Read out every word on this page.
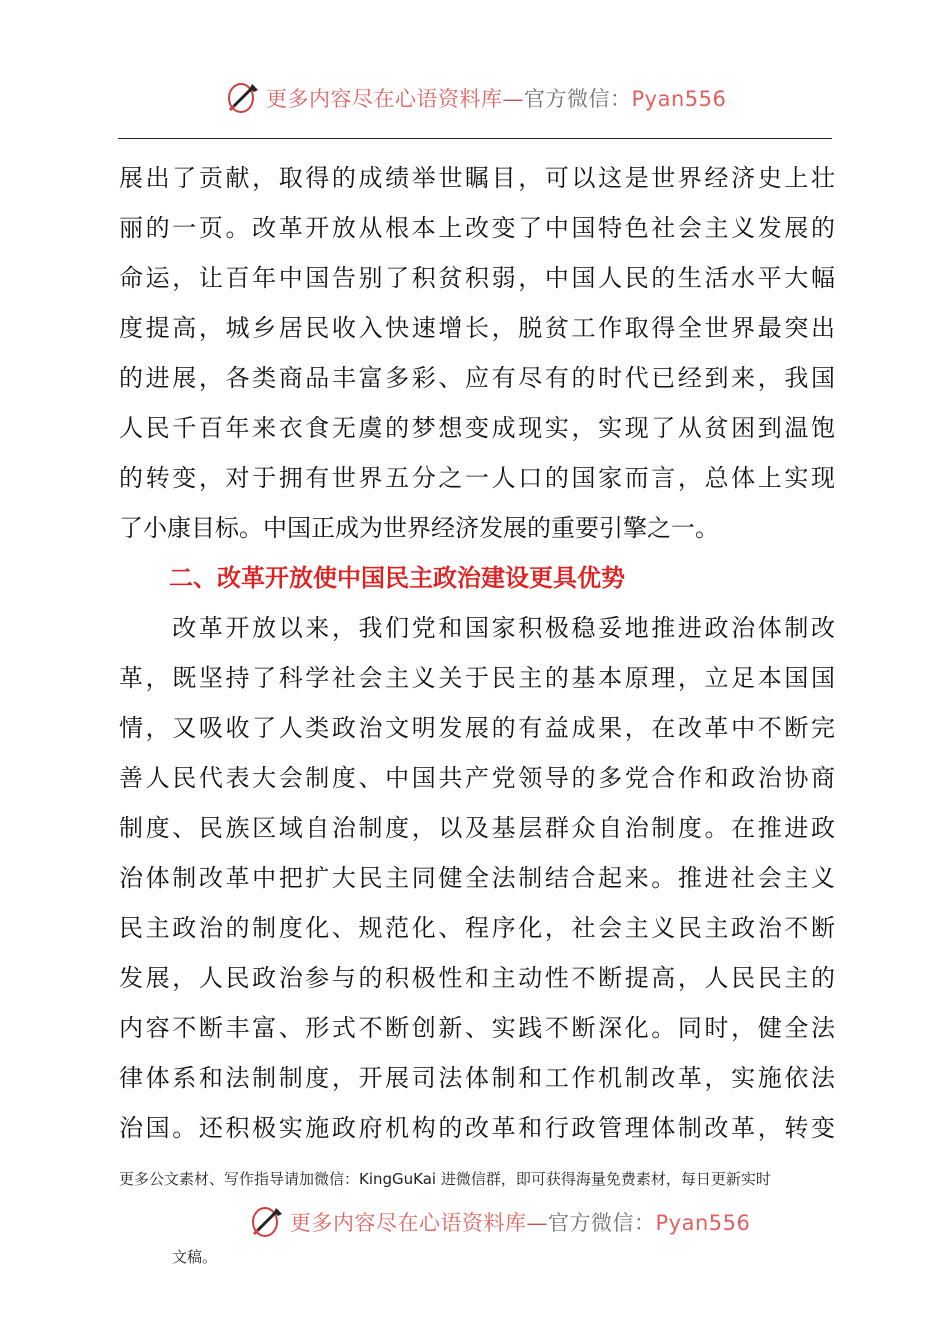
更多内容尽在心语资料库—官方微信：Pyan556
展出了贡献，取得的成绩举世瞩目，可以这是世界经济史上壮
丽的一页。改革开放从根本上改变了中国特色社会主义发展的
命运，让百年中国告别了积贫积弱，中国人民的生活水平大幅
度提高，城乡居民收入快速增长，脱贫工作取得全世界最突出
的进展，各类商品丰富多彩、应有尽有的时代已经到来，我国
人民千百年来衣食无虞的梦想变成现实，实现了从贫困到温饱
的转变，对于拥有世界五分之一人口的国家而言，总体上实现
了小康目标。中国正成为世界经济发展的重要引擎之一。
二、改革开放使中国民主政治建设更具优势
　　改革开放以来，我们党和国家积极稳妥地推进政治体制改
革，既坚持了科学社会主义关于民主的基本原理，立足本国国
情，又吸收了人类政治文明发展的有益成果，在改革中不断完
善人民代表大会制度、中国共产党领导的多党合作和政治协商
制度、民族区域自治制度，以及基层群众自治制度。在推进政
治体制改革中把扩大民主同健全法制结合起来。推进社会主义
民主政治的制度化、规范化、程序化，社会主义民主政治不断
发展，人民政治参与的积极性和主动性不断提高，人民民主的
内容不断丰富、形式不断创新、实践不断深化。同时，健全法
律体系和法制制度，开展司法体制和工作机制改革，实施依法
治国。还积极实施政府机构的改革和行政管理体制改革，转变
更多公文素材、写作指导请加微信：KingGuKai 进微信群，即可获得海量免费素材，每日更新实时
更多内容尽在心语资料库—官方微信：Pyan556
文稿。
